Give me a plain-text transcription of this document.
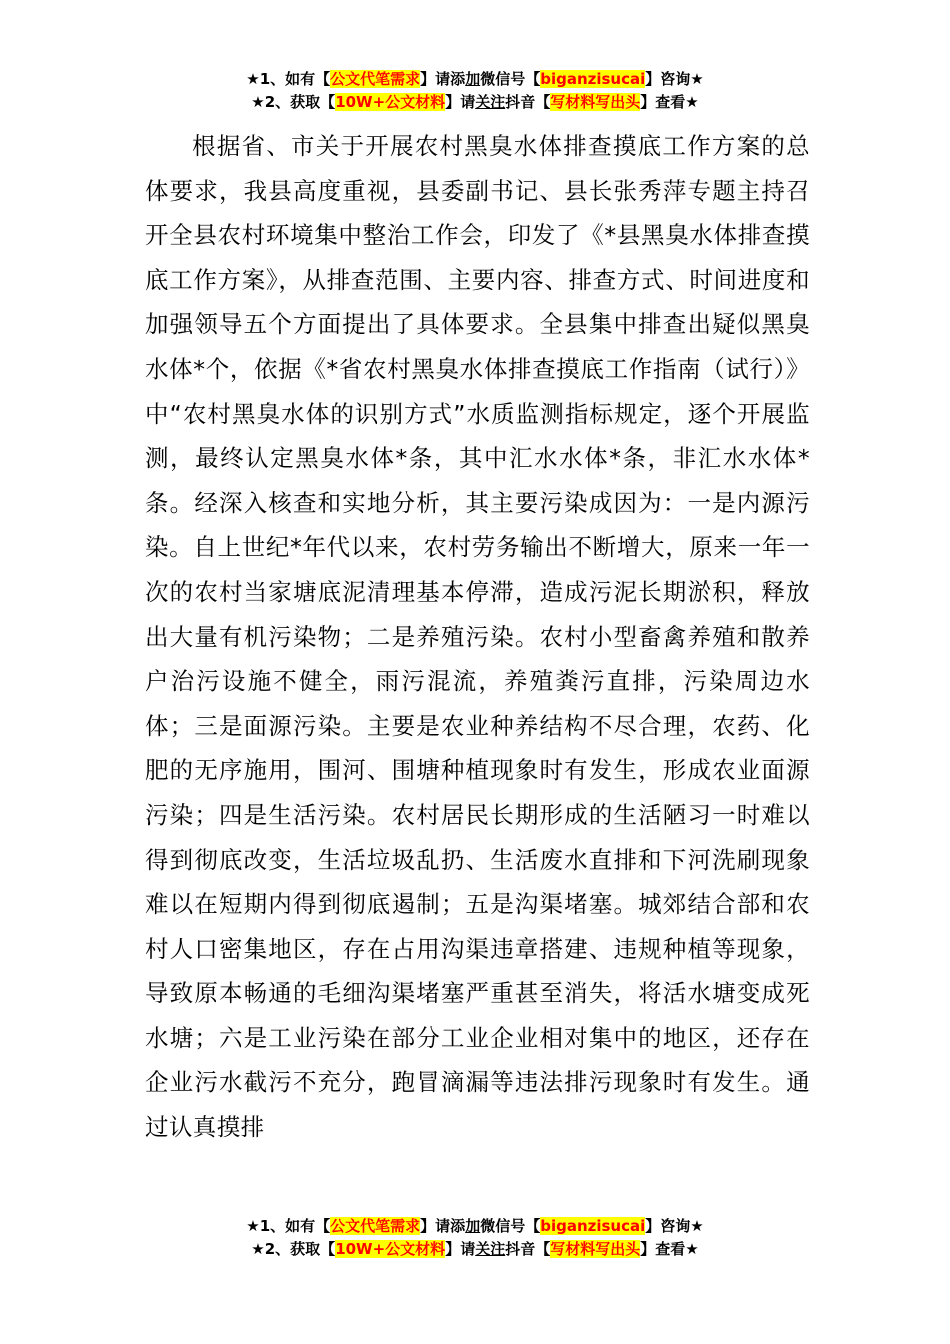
★1、如有【公文代笔需求】请添加微信号【biganzisucai】咨询★
★2、获取【10W+公文材料】请关注抖音【写材料写出头】查看★

根据省、市关于开展农村黑臭水体排查摸底工作方案的总体要求，我县高度重视，县委副书记、县长张秀萍专题主持召开全县农村环境集中整治工作会，印发了《*县黑臭水体排查摸底工作方案》，从排查范围、主要内容、排查方式、时间进度和加强领导五个方面提出了具体要求。全县集中排查出疑似黑臭水体*个，依据《*省农村黑臭水体排查摸底工作指南（试行）》中“农村黑臭水体的识别方式”水质监测指标规定，逐个开展监测，最终认定黑臭水体*条，其中汇水水体*条，非汇水水体*条。经深入核查和实地分析，其主要污染成因为：一是内源污染。自上世纪*年代以来，农村劳务输出不断增大，原来一年一次的农村当家塘底泥清理基本停滞，造成污泥长期淤积，释放出大量有机污染物；二是养殖污染。农村小型畜禽养殖和散养户治污设施不健全，雨污混流，养殖粪污直排，污染周边水体；三是面源污染。主要是农业种养结构不尽合理，农药、化肥的无序施用，围河、围塘种植现象时有发生，形成农业面源污染；四是生活污染。农村居民长期形成的生活陋习一时难以得到彻底改变，生活垃圾乱扔、生活废水直排和下河洗刷现象难以在短期内得到彻底遏制；五是沟渠堵塞。城郊结合部和农村人口密集地区，存在占用沟渠违章搭建、违规种植等现象，导致原本畅通的毛细沟渠堵塞严重甚至消失，将活水塘变成死水塘；六是工业污染在部分工业企业相对集中的地区，还存在企业污水截污不充分，跑冒滴漏等违法排污现象时有发生。通过认真摸排

★1、如有【公文代笔需求】请添加微信号【biganzisucai】咨询★
★2、获取【10W+公文材料】请关注抖音【写材料写出头】查看★
